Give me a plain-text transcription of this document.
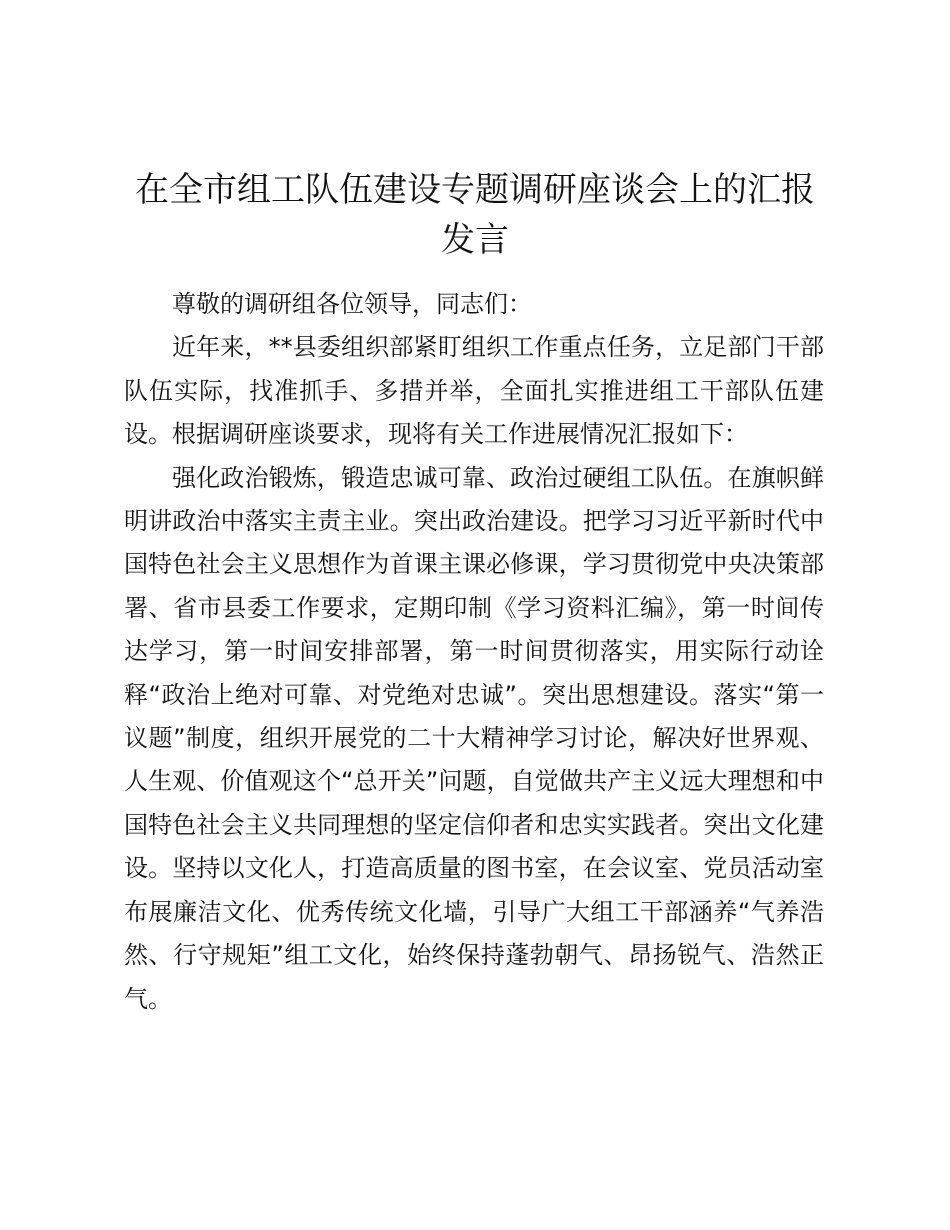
在全市组工队伍建设专题调研座谈会上的汇报发言

尊敬的调研组各位领导，同志们：

近年来，**县委组织部紧盯组织工作重点任务，立足部门干部队伍实际，找准抓手、多措并举，全面扎实推进组工干部队伍建设。根据调研座谈要求，现将有关工作进展情况汇报如下：

强化政治锻炼，锻造忠诚可靠、政治过硬组工队伍。在旗帜鲜明讲政治中落实主责主业。突出政治建设。把学习习近平新时代中国特色社会主义思想作为首课主课必修课，学习贯彻党中央决策部署、省市县委工作要求，定期印制《学习资料汇编》，第一时间传达学习，第一时间安排部署，第一时间贯彻落实，用实际行动诠释“政治上绝对可靠、对党绝对忠诚”。突出思想建设。落实“第一议题”制度，组织开展党的二十大精神学习讨论，解决好世界观、人生观、价值观这个“总开关”问题，自觉做共产主义远大理想和中国特色社会主义共同理想的坚定信仰者和忠实实践者。突出文化建设。坚持以文化人，打造高质量的图书室，在会议室、党员活动室布展廉洁文化、优秀传统文化墙，引导广大组工干部涵养“气养浩然、行守规矩”组工文化，始终保持蓬勃朝气、昂扬锐气、浩然正气。
